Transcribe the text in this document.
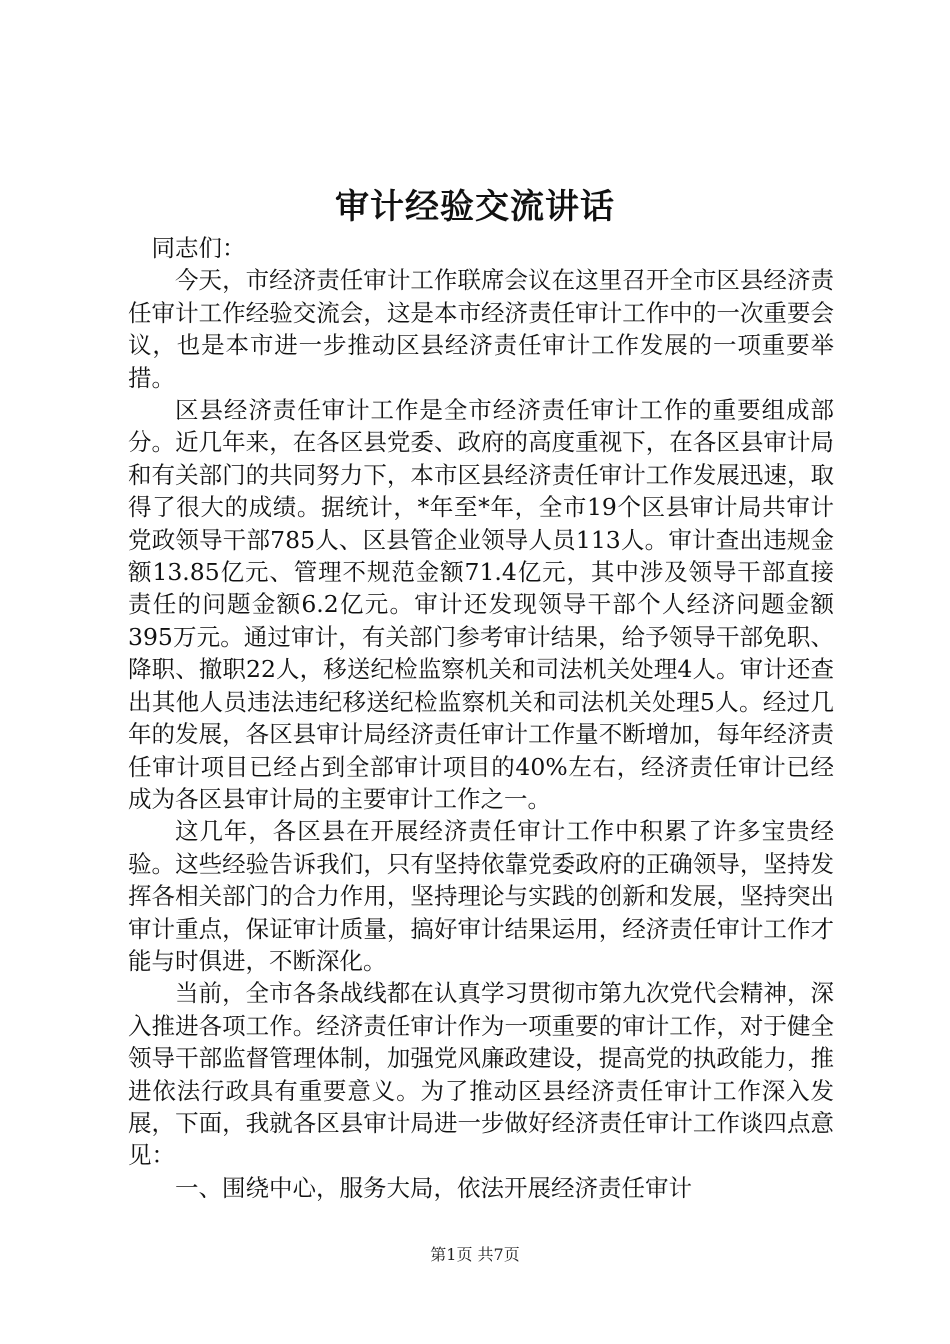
审计经验交流讲话

同志们：

今天，市经济责任审计工作联席会议在这里召开全市区县经济责任审计工作经验交流会，这是本市经济责任审计工作中的一次重要会议，也是本市进一步推动区县经济责任审计工作发展的一项重要举措。

区县经济责任审计工作是全市经济责任审计工作的重要组成部分。近几年来，在各区县党委、政府的高度重视下，在各区县审计局和有关部门的共同努力下，本市区县经济责任审计工作发展迅速，取得了很大的成绩。据统计，*年至*年，全市19个区县审计局共审计党政领导干部785人、区县管企业领导人员113人。审计查出违规金额13.85亿元、管理不规范金额71.4亿元，其中涉及领导干部直接责任的问题金额6.2亿元。审计还发现领导干部个人经济问题金额395万元。通过审计，有关部门参考审计结果，给予领导干部免职、降职、撤职22人，移送纪检监察机关和司法机关处理4人。审计还查出其他人员违法违纪移送纪检监察机关和司法机关处理5人。经过几年的发展，各区县审计局经济责任审计工作量不断增加，每年经济责任审计项目已经占到全部审计项目的40%左右，经济责任审计已经成为各区县审计局的主要审计工作之一。

这几年，各区县在开展经济责任审计工作中积累了许多宝贵经验。这些经验告诉我们，只有坚持依靠党委政府的正确领导，坚持发挥各相关部门的合力作用，坚持理论与实践的创新和发展，坚持突出审计重点，保证审计质量，搞好审计结果运用，经济责任审计工作才能与时俱进，不断深化。

当前，全市各条战线都在认真学习贯彻市第九次党代会精神，深入推进各项工作。经济责任审计作为一项重要的审计工作，对于健全领导干部监督管理体制，加强党风廉政建设，提高党的执政能力，推进依法行政具有重要意义。为了推动区县经济责任审计工作深入发展，下面，我就各区县审计局进一步做好经济责任审计工作谈四点意见：

一、围绕中心，服务大局，依法开展经济责任审计

第1页 共7页
